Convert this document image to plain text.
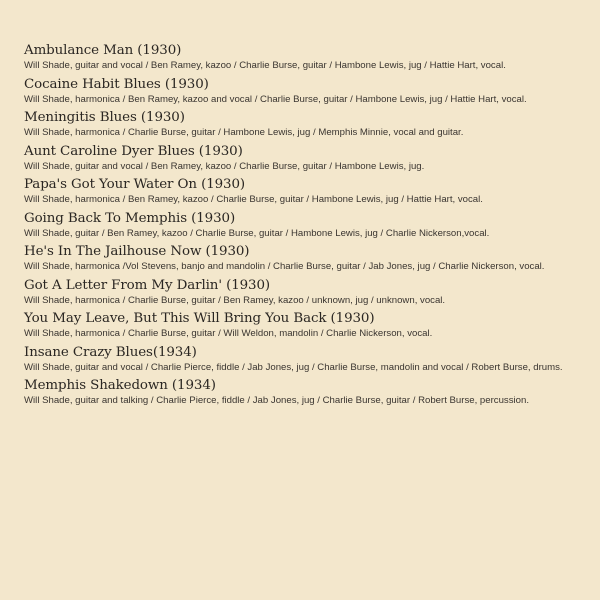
Ambulance Man (1930)
Will Shade, guitar and vocal / Ben Ramey, kazoo / Charlie Burse, guitar / Hambone Lewis, jug / Hattie Hart, vocal.
Cocaine Habit Blues (1930)
Will Shade, harmonica / Ben Ramey, kazoo and vocal / Charlie Burse, guitar / Hambone Lewis, jug / Hattie Hart, vocal.
Meningitis Blues (1930)
Will Shade, harmonica / Charlie Burse, guitar / Hambone Lewis, jug / Memphis Minnie, vocal and guitar.
Aunt Caroline Dyer Blues (1930)
Will Shade, guitar and vocal / Ben Ramey, kazoo / Charlie Burse, guitar / Hambone Lewis, jug.
Papa's Got Your Water On (1930)
Will Shade, harmonica / Ben Ramey, kazoo / Charlie Burse, guitar / Hambone Lewis, jug / Hattie Hart, vocal.
Going Back To Memphis (1930)
Will Shade, guitar / Ben Ramey, kazoo / Charlie Burse, guitar / Hambone Lewis, jug / Charlie Nickerson,vocal.
He's In The Jailhouse Now (1930)
Will Shade, harmonica /Vol Stevens, banjo and mandolin / Charlie Burse, guitar / Jab Jones, jug / Charlie Nickerson, vocal.
Got A Letter From My Darlin' (1930)
Will Shade, harmonica / Charlie Burse, guitar / Ben Ramey, kazoo / unknown, jug / unknown, vocal.
You May Leave, But This Will Bring You Back (1930)
Will Shade, harmonica / Charlie Burse, guitar / Will Weldon, mandolin / Charlie Nickerson, vocal.
Insane Crazy Blues(1934)
Will Shade, guitar and vocal / Charlie Pierce, fiddle / Jab Jones, jug / Charlie Burse, mandolin and vocal / Robert Burse, drums.
Memphis Shakedown (1934)
Will Shade, guitar and talking / Charlie Pierce, fiddle / Jab Jones, jug / Charlie Burse, guitar / Robert Burse, percussion.
